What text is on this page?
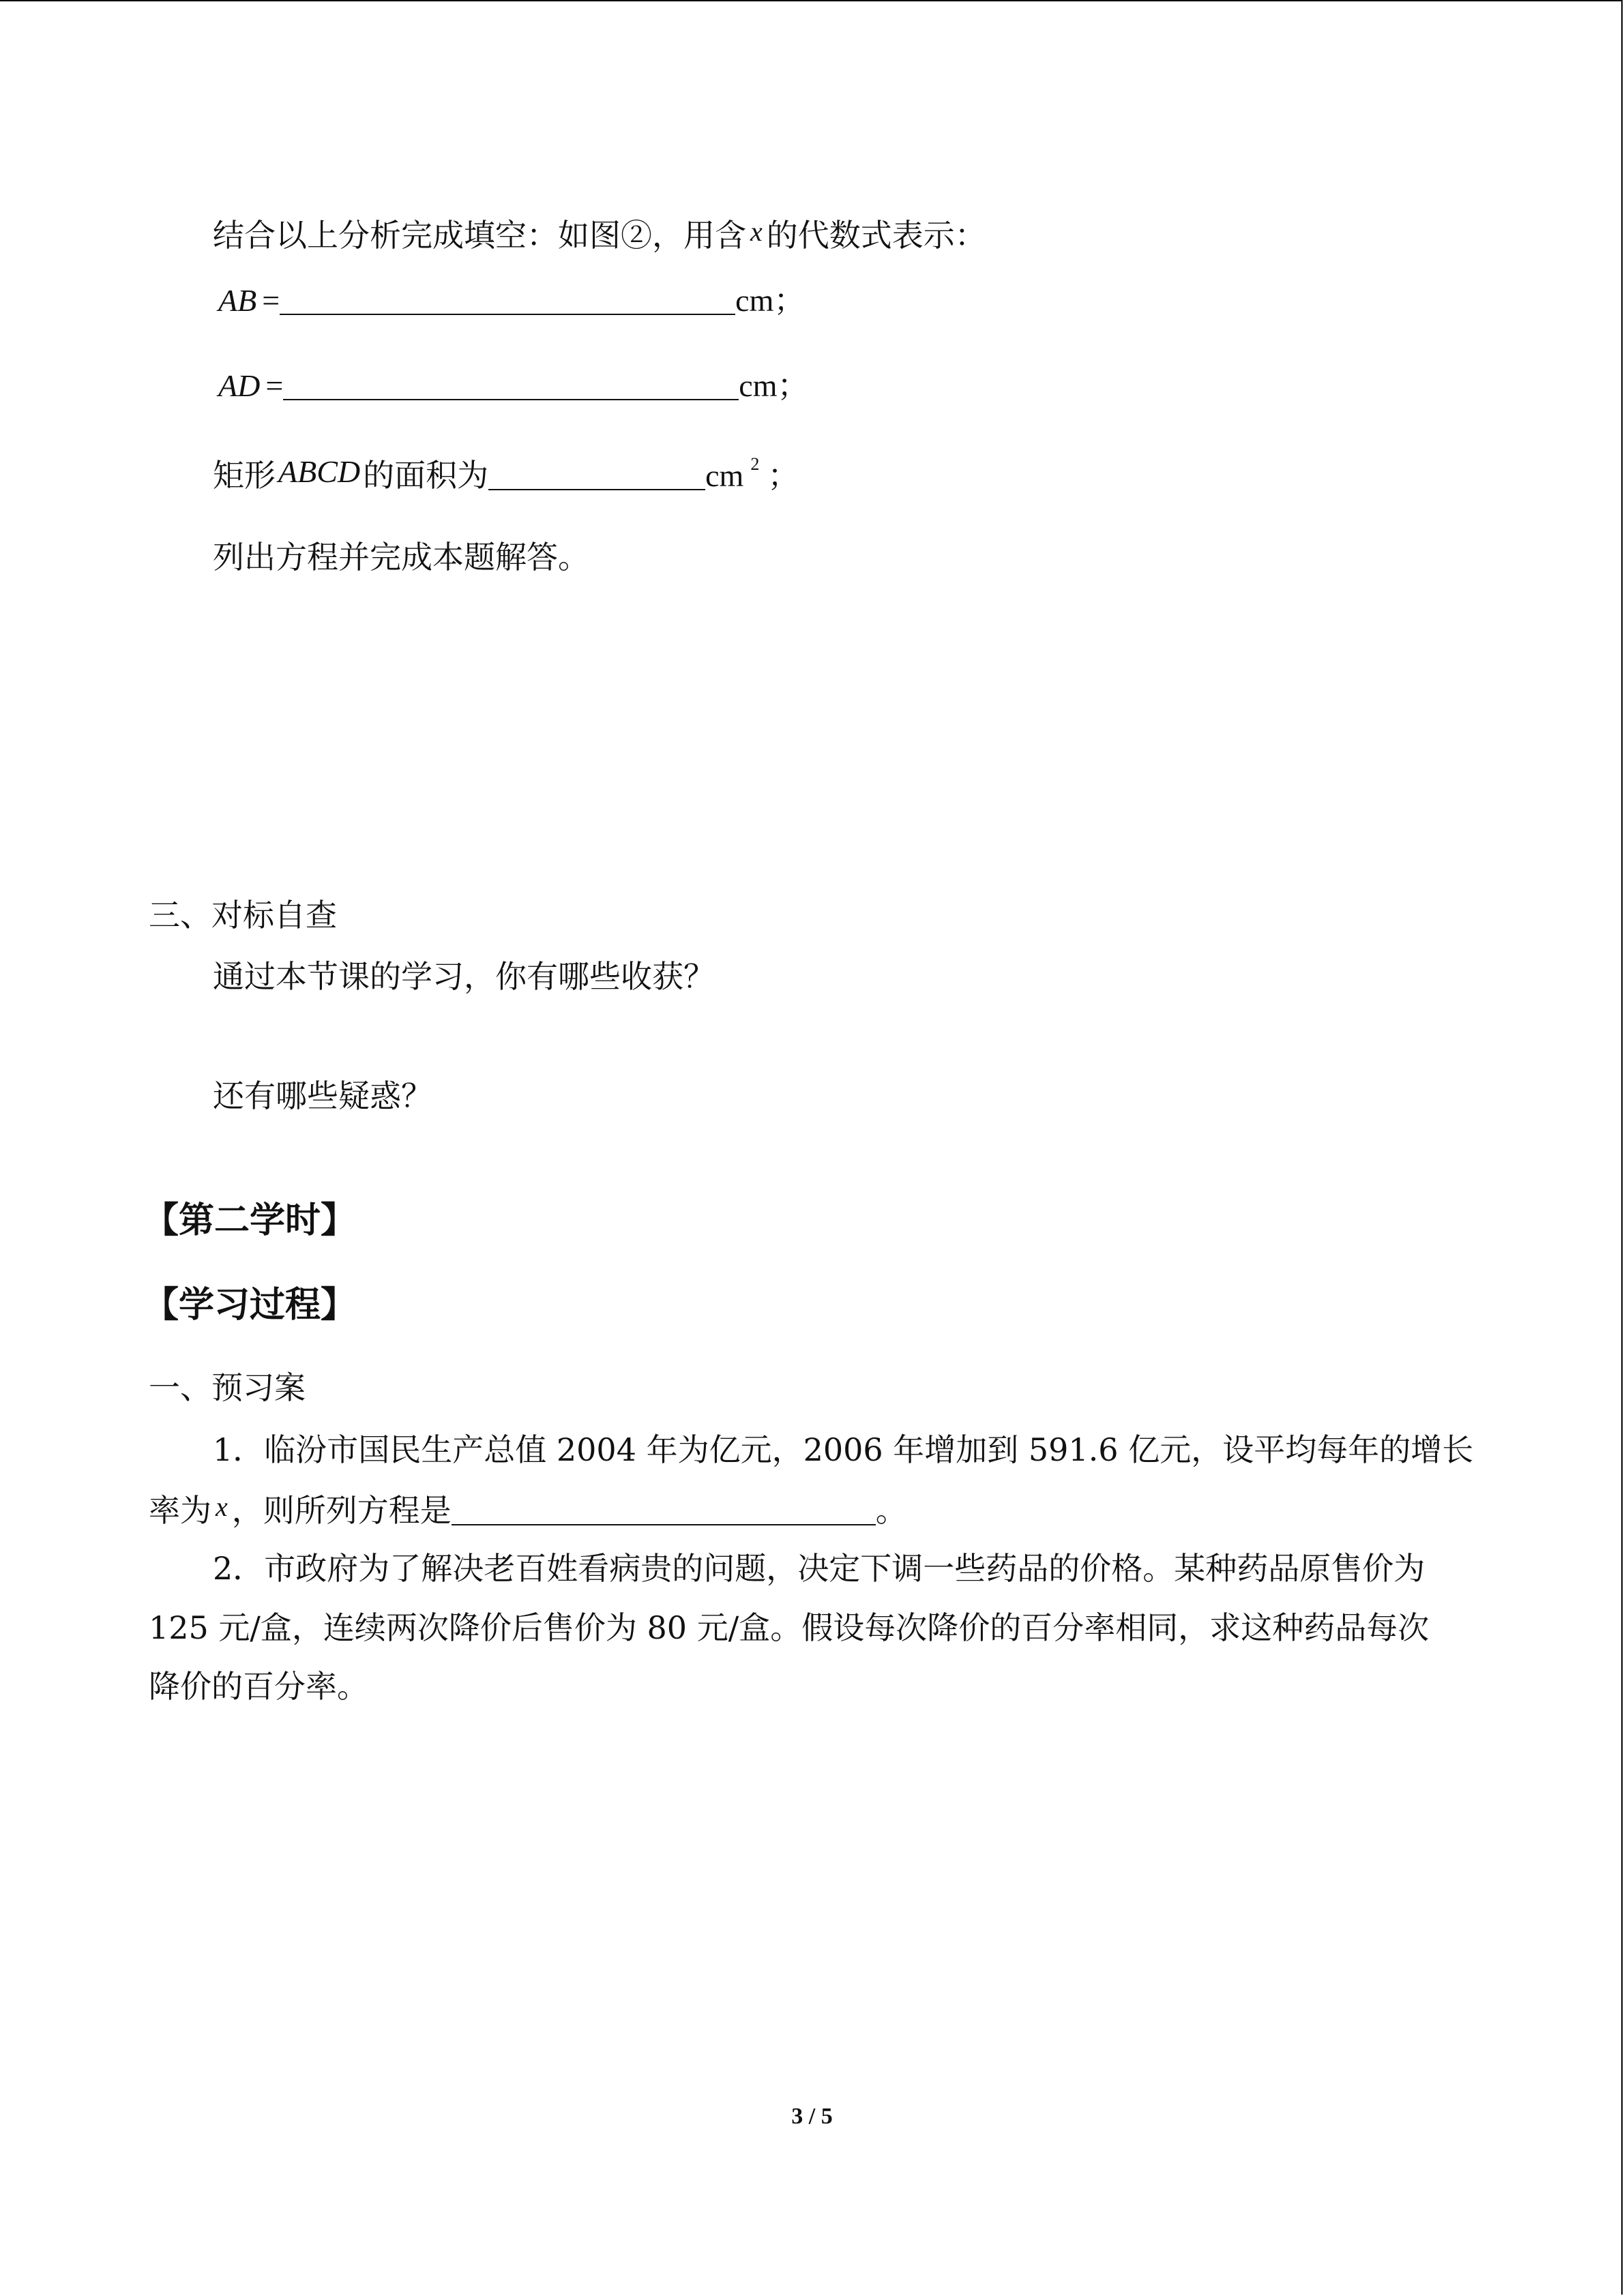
结合以上分析完成填空：如图②，用含 x 的代数式表示：
AB =	cm；
AD =	cm；
矩形ABCD的面积为	cm $^2$ ；
列出方程并完成本题解答。
三、对标自查
通过本节课的学习，你有哪些收获？
还有哪些疑惑？
【第二学时】
【学习过程】
一、预习案
1．临汾市国民生产总值 2004 年为亿元，2006 年增加到 591.6 亿元，设平均每年的增长
率为 x ，则所列方程是	。
2．市政府为了解决老百姓看病贵的问题，决定下调一些药品的价格。某种药品原售价为
125 元/盒，连续两次降价后售价为 80 元/盒。假设每次降价的百分率相同，求这种药品每次
降价的百分率。
3 / 5
